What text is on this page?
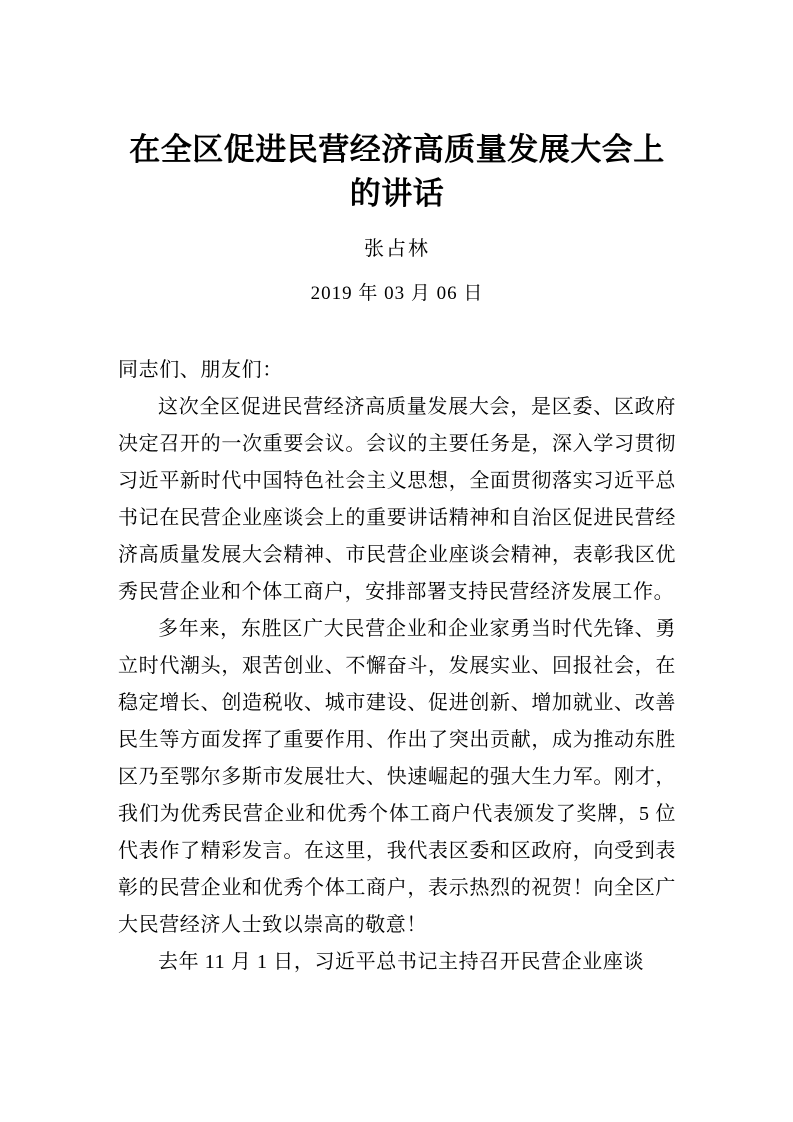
在全区促进民营经济高质量发展大会上的讲话
张占林
2019 年 03 月 06 日

同志们、朋友们：

这次全区促进民营经济高质量发展大会，是区委、区政府决定召开的一次重要会议。会议的主要任务是，深入学习贯彻习近平新时代中国特色社会主义思想，全面贯彻落实习近平总书记在民营企业座谈会上的重要讲话精神和自治区促进民营经济高质量发展大会精神、市民营企业座谈会精神，表彰我区优秀民营企业和个体工商户，安排部署支持民营经济发展工作。

多年来，东胜区广大民营企业和企业家勇当时代先锋、勇立时代潮头，艰苦创业、不懈奋斗，发展实业、回报社会，在稳定增长、创造税收、城市建设、促进创新、增加就业、改善民生等方面发挥了重要作用、作出了突出贡献，成为推动东胜区乃至鄂尔多斯市发展壮大、快速崛起的强大生力军。刚才，我们为优秀民营企业和优秀个体工商户代表颁发了奖牌，5 位代表作了精彩发言。在这里，我代表区委和区政府，向受到表彰的民营企业和优秀个体工商户，表示热烈的祝贺！向全区广大民营经济人士致以崇高的敬意！

去年 11 月 1 日，习近平总书记主持召开民营企业座谈
